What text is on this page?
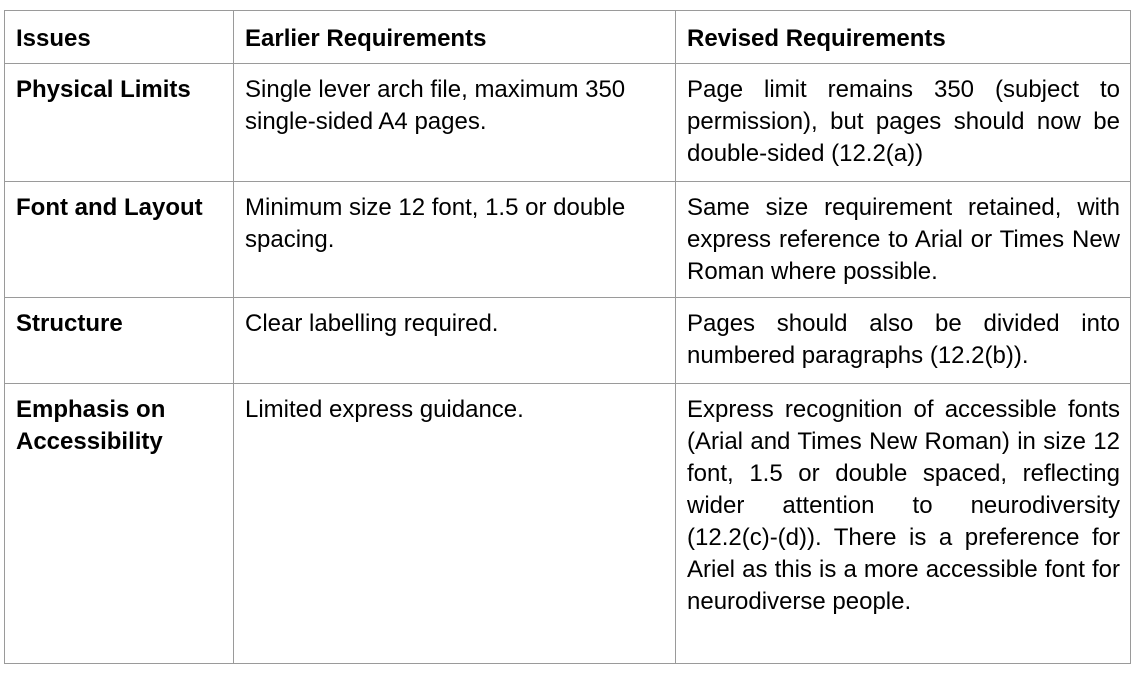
Issues	Earlier Requirements	Revised Requirements
Physical Limits	Single lever arch file, maximum 350 single-sided A4 pages.	Page limit remains 350 (subject to permission), but pages should now be double-sided (12.2(a))
Font and Layout	Minimum size 12 font, 1.5 or double spacing.	Same size requirement retained, with express reference to Arial or Times New Roman where possible.
Structure	Clear labelling required.	Pages should also be divided into numbered paragraphs (12.2(b)).
Emphasis on Accessibility	Limited express guidance.	Express recognition of accessible fonts (Arial and Times New Roman) in size 12 font, 1.5 or double spaced, reflecting wider attention to neurodiversity (12.2(c)-(d)). There is a preference for Ariel as this is a more accessible font for neurodiverse people.
